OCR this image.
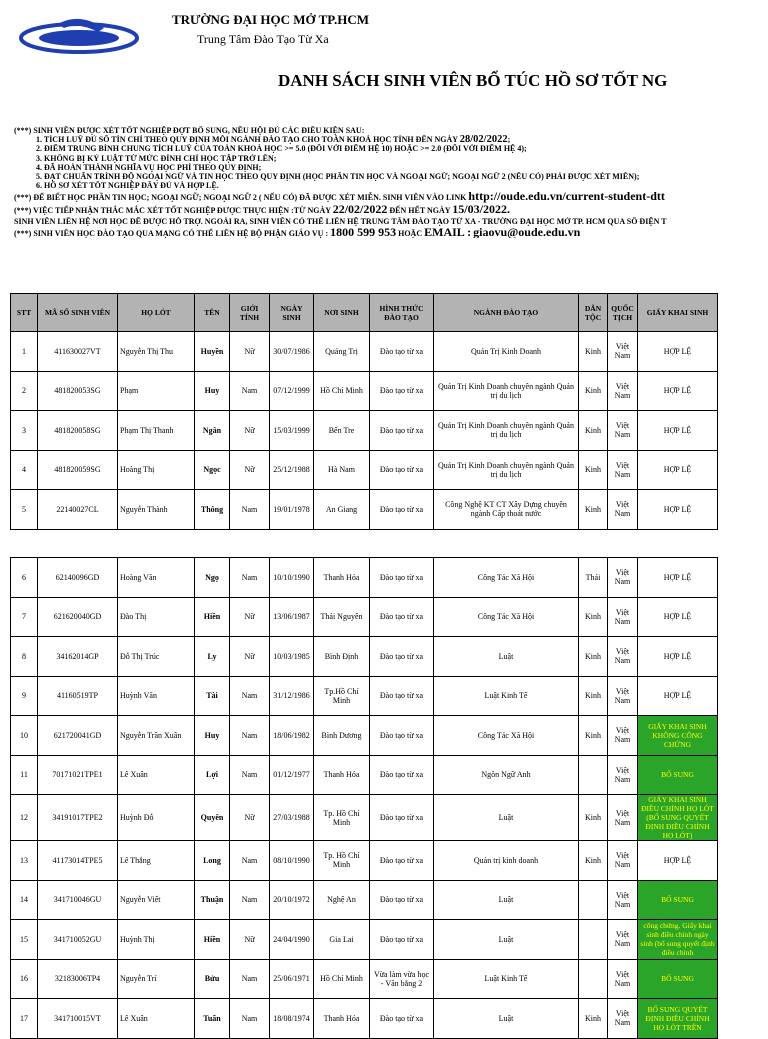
TRƯỜNG ĐẠI HỌC MỞ TP.HCM
Trung Tâm Đào Tạo Từ Xa
DANH SÁCH SINH VIÊN BỔ TÚC HỒ SƠ TỐT NG
(***) SINH VIÊN ĐƯỢC XÉT TỐT NGHIỆP ĐỢT BỔ SUNG, NẾU HỘI ĐỦ CÁC ĐIỀU KIỆN SAU:
1. TÍCH LUỸ ĐỦ SỐ TÍN CHỈ THEO QUY ĐỊNH MỖI NGÀNH ĐÀO TẠO CHO TOÀN KHOÁ HỌC TÍNH ĐẾN NGÀY 28/02/2022;
2. ĐIỂM TRUNG BÌNH CHUNG TÍCH LUỸ CỦA TOÀN KHOÁ HỌC >= 5.0 (ĐỐI VỚI ĐIỂM HỆ 10) HOẶC >= 2.0 (ĐỐI VỚI ĐIỂM HỆ 4);
3. KHÔNG BỊ KỶ LUẬT TỪ MỨC ĐÌNH CHỈ HỌC TẬP TRỞ LÊN;
4. ĐÃ HOÀN THÀNH NGHĨA VỤ HỌC PHÍ THEO QUY ĐỊNH;
5. ĐẠT CHUẨN TRÌNH ĐỘ NGOẠI NGỮ VÀ TIN HỌC THEO QUY ĐỊNH (HỌC PHẦN TIN HỌC VÀ NGOẠI NGỮ; NGOẠI NGỮ 2 (NẾU CÓ) PHẢI ĐƯỢC XÉT MIỄN);
6. HỒ SƠ XÉT TỐT NGHIỆP ĐẦY ĐỦ VÀ HỢP LỆ.
(***) ĐỂ BIẾT HỌC PHẦN TIN HỌC; NGOẠI NGỮ; NGOẠI NGỮ 2 ( NẾU CÓ) ĐÃ ĐƯỢC XÉT MIỄN. SINH VIÊN VÀO LINK http://oude.edu.vn/current-student-dtt
(***) VIỆC TIẾP NHẬN THẮC MẮC XÉT TỐT NGHIỆP ĐƯỢC THỰC HIỆN :TỪ NGÀY 22/02/2022 ĐẾN HẾT NGÀY 15/03/2022.
SINH VIÊN LIÊN HỆ NƠI HỌC ĐỂ ĐƯỢC HỖ TRỢ. NGOÀI RA, SINH VIÊN CÓ THỂ LIÊN HỆ TRUNG TÂM ĐÀO TẠO TỪ XA - TRƯỜNG ĐẠI HỌC MỞ TP. HCM QUA SỐ ĐIỆN T
(***) SINH VIÊN HỌC ĐÀO TẠO QUA MẠNG CÓ THỂ LIÊN HỆ BỘ PHẬN GIÁO VỤ : 1800 599 953 HOẶC EMAIL : giaovu@oude.edu.vn
STT	MÃ SỐ SINH VIÊN	HỌ LÓT	TÊN	GIỚI TÍNH	NGÀY SINH	NƠI SINH	HÌNH THỨC ĐÀO TẠO	NGÀNH ĐÀO TẠO	DÂN TỘC	QUỐC TỊCH	GIẤY KHAI SINH
1	411630027VT	Nguyễn Thị Thu	Huyền	Nữ	30/07/1986	Quảng Trị	Đào tạo từ xa	Quản Trị Kinh Doanh	Kinh	Việt Nam	HỢP LỆ
2	481820053SG	Phạm	Huy	Nam	07/12/1999	Hồ Chí Minh	Đào tạo từ xa	Quản Trị Kinh Doanh chuyên ngành Quản trị du lịch	Kinh	Việt Nam	HỢP LỆ
3	481820058SG	Phạm Thị Thanh	Ngân	Nữ	15/03/1999	Bến Tre	Đào tạo từ xa	Quản Trị Kinh Doanh chuyên ngành Quản trị du lịch	Kinh	Việt Nam	HỢP LỆ
4	481820059SG	Hoàng Thị	Ngọc	Nữ	25/12/1988	Hà Nam	Đào tạo từ xa	Quản Trị Kinh Doanh chuyên ngành Quản trị du lịch	Kinh	Việt Nam	HỢP LỆ
5	22140027CL	Nguyễn Thành	Thông	Nam	19/01/1978	An Giang	Đào tạo từ xa	Công Nghệ KT CT Xây Dựng chuyên ngành Cấp thoát nước	Kinh	Việt Nam	HỢP LỆ
6	62140096GD	Hoàng Văn	Ngọ	Nam	10/10/1990	Thanh Hóa	Đào tạo từ xa	Công Tác Xã Hội	Thái	Việt Nam	HỢP LỆ
7	621620040GD	Đào Thị	Hiền	Nữ	13/06/1987	Thái Nguyên	Đào tạo từ xa	Công Tác Xã Hội	Kinh	Việt Nam	HỢP LỆ
8	34162014GP	Đỗ Thị Trúc	Ly	Nữ	10/03/1985	Bình Định	Đào tạo từ xa	Luật	Kinh	Việt Nam	HỢP LỆ
9	41160519TP	Huỳnh Văn	Tài	Nam	31/12/1986	Tp.Hồ Chí Minh	Đào tạo từ xa	Luật Kinh Tế	Kinh	Việt Nam	HỢP LỆ
10	621720041GD	Nguyễn Trần Xuân	Huy	Nam	18/06/1982	Bình Dương	Đào tạo từ xa	Công Tác Xã Hội	Kinh	Việt Nam	GIẤY KHAI SINH KHÔNG CÔNG CHỨNG
11	70171021TPE1	Lê Xuân	Lợi	Nam	01/12/1977	Thanh Hóa	Đào tạo từ xa	Ngôn Ngữ Anh		Việt Nam	BỔ SUNG
12	34191017TPE2	Huỳnh Đỗ	Quyên	Nữ	27/03/1988	Tp. Hồ Chí Minh	Đào tạo từ xa	Luật	Kinh	Việt Nam	GIẤY KHAI SINH ĐIỀU CHỈNH HỌ LÓT (BỔ SUNG QUYẾT ĐỊNH ĐIỀU CHỈNH HỌ LÓT)
13	41173014TPE5	Lê Thắng	Long	Nam	08/10/1990	Tp. Hồ Chí Minh	Đào tạo từ xa	Quản trị kinh doanh	Kinh	Việt Nam	HỢP LỆ
14	341710046GU	Nguyễn Viết	Thuận	Nam	20/10/1972	Nghệ An	Đào tạo từ xa	Luật		Việt Nam	BỔ SUNG
15	341710052GU	Huỳnh Thị	Hiền	Nữ	24/04/1990	Gia Lai	Đào tạo từ xa	Luật		Việt Nam	công chứng. Giấy khai sinh điều chỉnh ngày sinh (bổ sung quyết định điều chỉnh
16	32183006TP4	Nguyễn Trí	Bửu	Nam	25/06/1971	Hồ Chí Minh	Vừa làm vừa học - Văn bằng 2	Luật Kinh Tế		Việt Nam	BỔ SUNG
17	341710015VT	Lê Xuân	Tuấn	Nam	18/08/1974	Thanh Hóa	Đào tạo từ xa	Luật	Kinh	Việt Nam	BỔ SUNG QUYẾT ĐỊNH ĐIỀU CHỈNH HỌ LÓT TRÊN
